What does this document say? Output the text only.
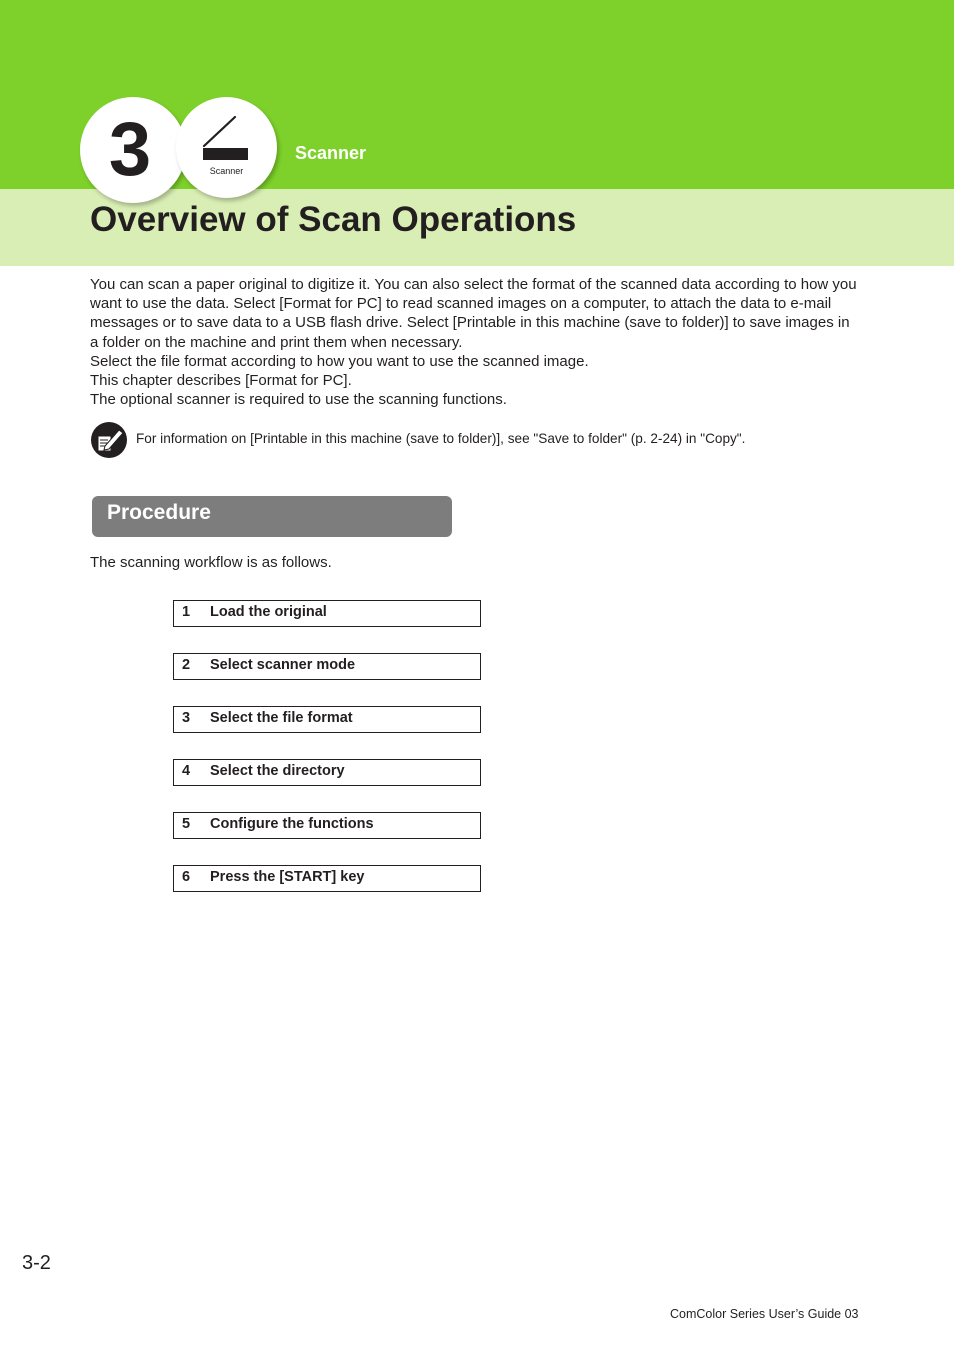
3	Scanner
Scanner
Overview of Scan Operations

You can scan a paper original to digitize it. You can also select the format of the scanned data according to how you want to use the data. Select [Format for PC] to read scanned images on a computer, to attach the data to e-mail messages or to save data to a USB flash drive. Select [Printable in this machine (save to folder)] to save images in a folder on the machine and print them when necessary.

Select the file format according to how you want to use the scanned image.

This chapter describes [Format for PC].

The optional scanner is required to use the scanning functions.

For information on [Printable in this machine (save to folder)], see "Save to folder" (p. 2-24) in "Copy".
Procedure
The scanning workflow is as follows.
1 Load the original
2 Select scanner mode
3 Select the file format
4 Select the directory
5 Configure the functions
6 Press the [START] key
3-2
ComColor Series User’s Guide 03
